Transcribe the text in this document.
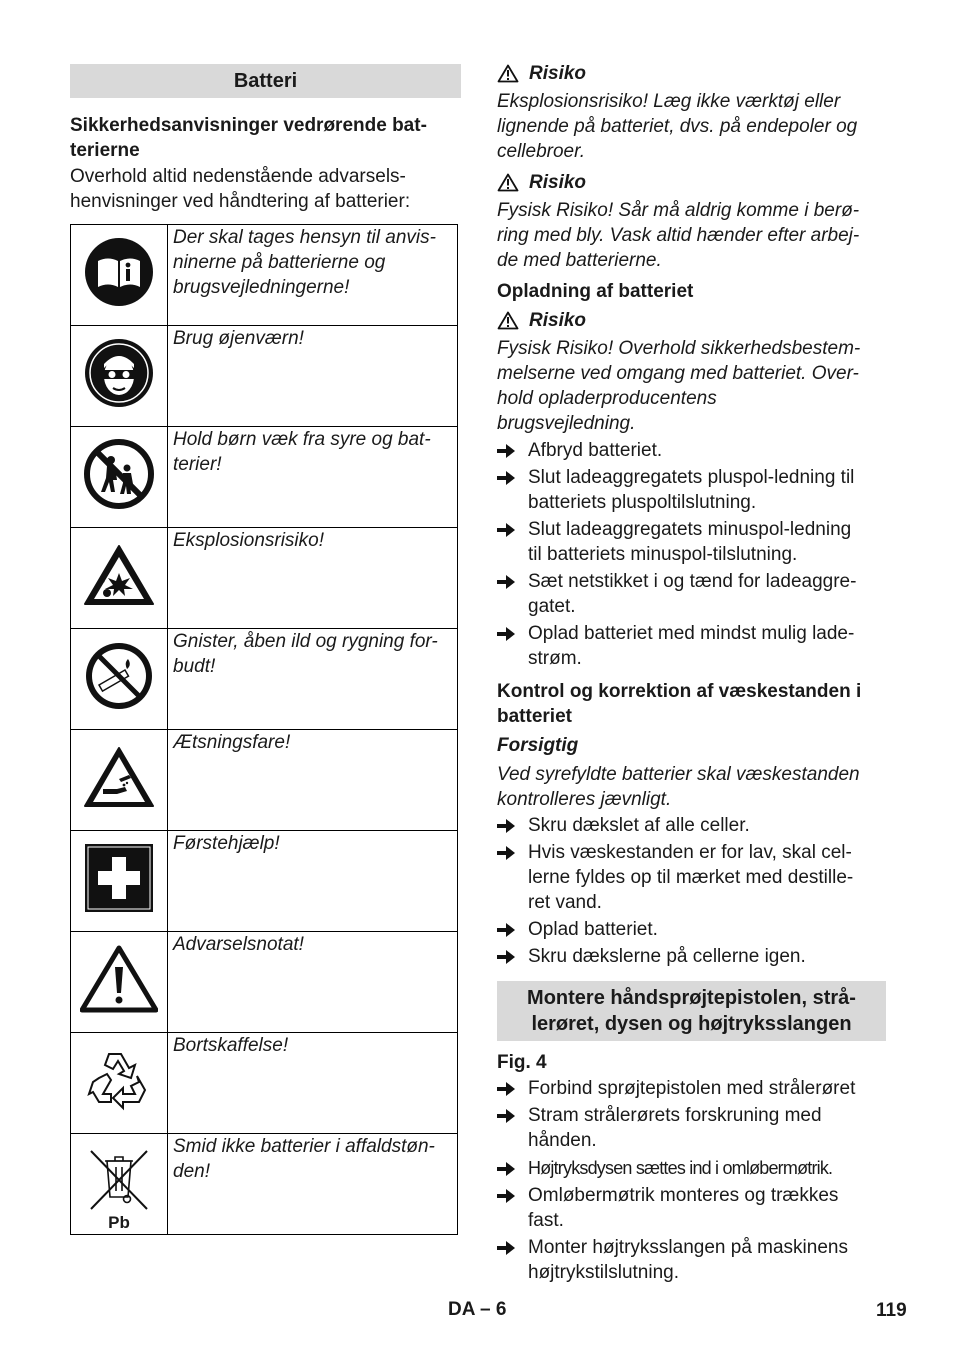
Batteri

Sikkerhedsanvisninger vedrørende bat-

terierne

Overhold altid nedenstående advarsels-

henvisninger ved håndtering af batterier:

Der skal tages hensyn til anvis-

ninerne på batterierne og

brugsvejledningerne!

Brug øjenværn!

Hold børn væk fra syre og bat-

terier!

Eksplosionsrisiko!

Gnister, åben ild og rygning for-

budt!

Ætsningsfare!

Førstehjælp!

Advarselsnotat!

Bortskaffelse!

Pb	Smid ikke batterier i affaldstøn-

den!

Risiko

Eksplosionsrisiko! Læg ikke værktøj eller

lignende på batteriet, dvs. på endepoler og

cellebroer.

Risiko

Fysisk Risiko! Sår må aldrig komme i berø-

ring med bly. Vask altid hænder efter arbej-

de med batterierne.

Opladning af batteriet

Risiko

Fysisk Risiko! Overhold sikkerhedsbestem-

melserne ved omgang med batteriet. Over-

hold opladerproducentens

brugsvejledning.

Afbryd batteriet.

Slut ladeaggregatets pluspol-ledning til

batteriets pluspoltilslutning.

Slut ladeaggregatets minuspol-ledning

til batteriets minuspol-tilslutning.

Sæt netstikket i og tænd for ladeaggre-

gatet.

Oplad batteriet med mindst mulig lade-

strøm.

Kontrol og korrektion af væskestanden i

batteriet

Forsigtig

Ved syrefyldte batterier skal væskestanden

kontrolleres jævnligt.

Skru dækslet af alle celler.

Hvis væskestanden er for lav, skal cel-

lerne fyldes op til mærket med destille-

ret vand.

Oplad batteriet.

Skru dækslerne på cellerne igen.

Montere håndsprøjtepistolen, strå-

lerøret, dysen og højtryksslangen

Fig. 4

Forbind sprøjtepistolen med strålerøret

Stram strålerørets forskruning med

hånden.

Højtryksdysen sættes ind i omløbermøtrik.

Omløbermøtrik monteres og trækkes

fast.

Monter højtryksslangen på maskinens

højtrykstilslutning.

DA – 6	119
